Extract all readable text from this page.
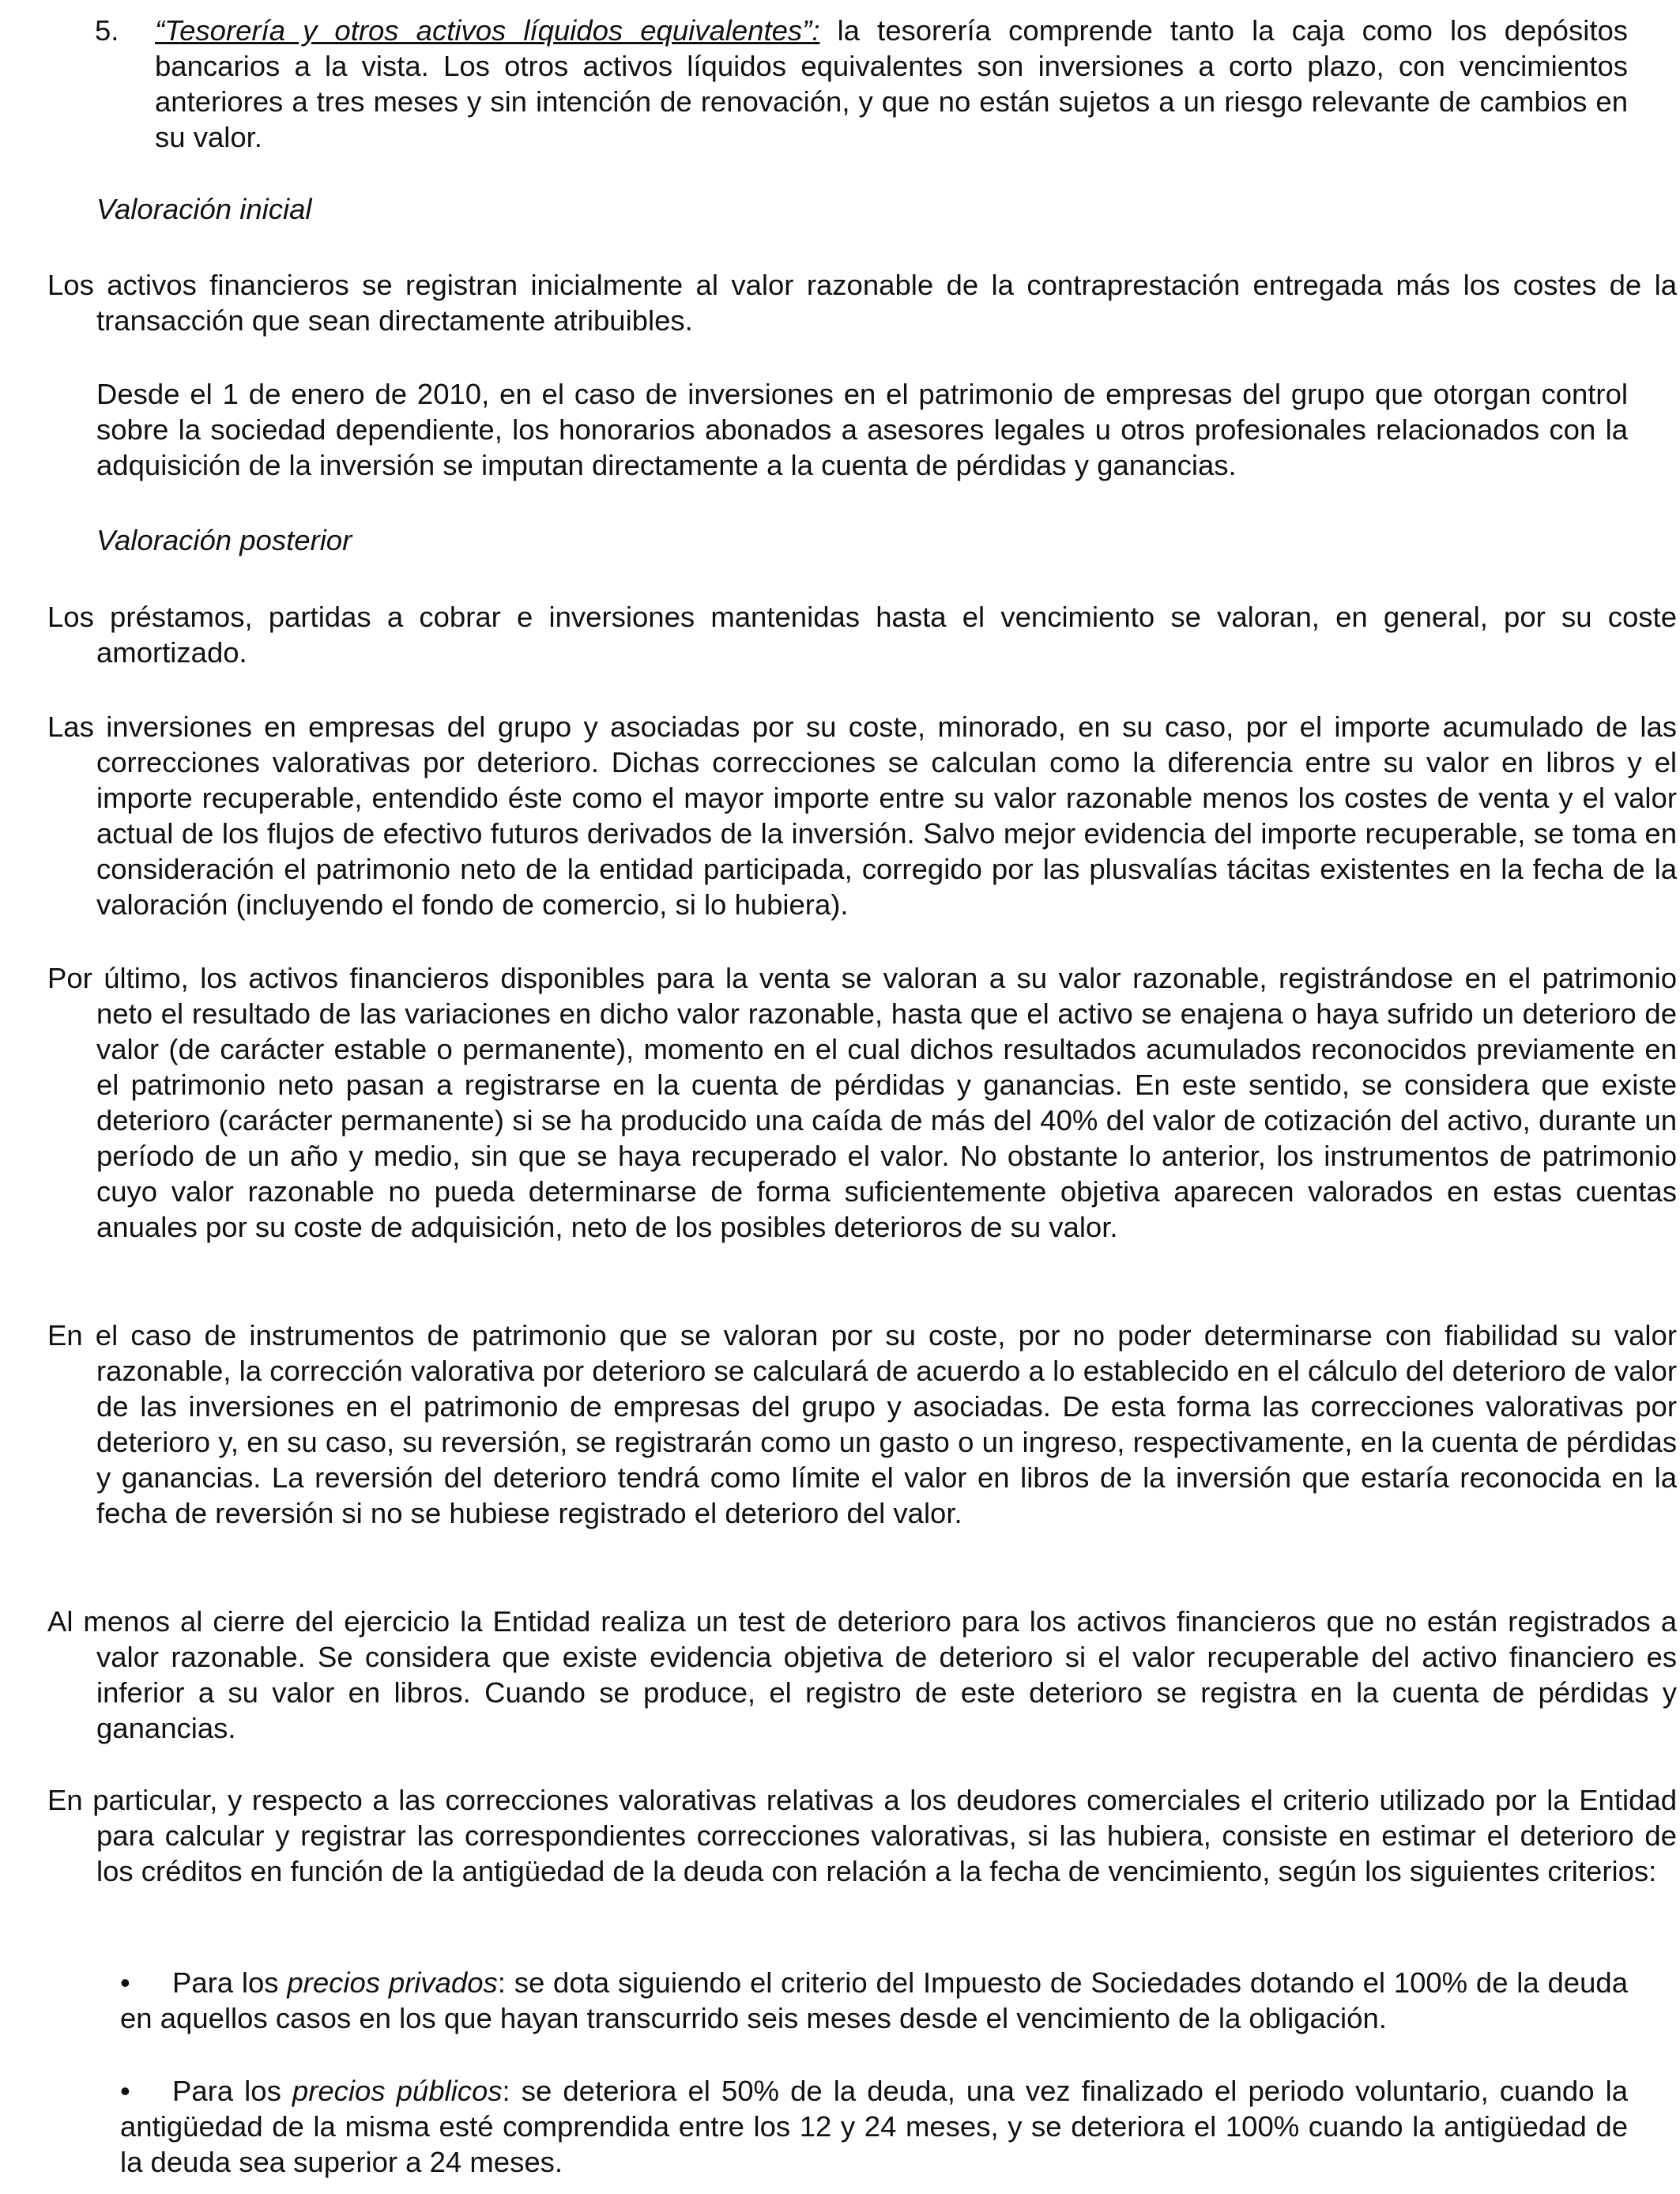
5. “Tesorería y otros activos líquidos equivalentes”: la tesorería comprende tanto la caja como los depósitos bancarios a la vista. Los otros activos líquidos equivalentes son inversiones a corto plazo, con vencimientos anteriores a tres meses y sin intención de renovación, y que no están sujetos a un riesgo relevante de cambios en su valor.

Valoración inicial

Los activos financieros se registran inicialmente al valor razonable de la contraprestación entregada más los costes de la transacción que sean directamente atribuibles.

Desde el 1 de enero de 2010, en el caso de inversiones en el patrimonio de empresas del grupo que otorgan control sobre la sociedad dependiente, los honorarios abonados a asesores legales u otros profesionales relacionados con la adquisición de la inversión se imputan directamente a la cuenta de pérdidas y ganancias.

Valoración posterior

Los préstamos, partidas a cobrar e inversiones mantenidas hasta el vencimiento se valoran, en general, por su coste amortizado.

Las inversiones en empresas del grupo y asociadas por su coste, minorado, en su caso, por el importe acumulado de las correcciones valorativas por deterioro. Dichas correcciones se calculan como la diferencia entre su valor en libros y el importe recuperable, entendido éste como el mayor importe entre su valor razonable menos los costes de venta y el valor actual de los flujos de efectivo futuros derivados de la inversión. Salvo mejor evidencia del importe recuperable, se toma en consideración el patrimonio neto de la entidad participada, corregido por las plusvalías tácitas existentes en la fecha de la valoración (incluyendo el fondo de comercio, si lo hubiera).

Por último, los activos financieros disponibles para la venta se valoran a su valor razonable, registrándose en el patrimonio neto el resultado de las variaciones en dicho valor razonable, hasta que el activo se enajena o haya sufrido un deterioro de valor (de carácter estable o permanente), momento en el cual dichos resultados acumulados reconocidos previamente en el patrimonio neto pasan a registrarse en la cuenta de pérdidas y ganancias. En este sentido, se considera que existe deterioro (carácter permanente) si se ha producido una caída de más del 40% del valor de cotización del activo, durante un período de un año y medio, sin que se haya recuperado el valor. No obstante lo anterior, los instrumentos de patrimonio cuyo valor razonable no pueda determinarse de forma suficientemente objetiva aparecen valorados en estas cuentas anuales por su coste de adquisición, neto de los posibles deterioros de su valor.

En el caso de instrumentos de patrimonio que se valoran por su coste, por no poder determinarse con fiabilidad su valor razonable, la corrección valorativa por deterioro se calculará de acuerdo a lo establecido en el cálculo del deterioro de valor de las inversiones en el patrimonio de empresas del grupo y asociadas. De esta forma las correcciones valorativas por deterioro y, en su caso, su reversión, se registrarán como un gasto o un ingreso, respectivamente, en la cuenta de pérdidas y ganancias. La reversión del deterioro tendrá como límite el valor en libros de la inversión que estaría reconocida en la fecha de reversión si no se hubiese registrado el deterioro del valor.

Al menos al cierre del ejercicio la Entidad realiza un test de deterioro para los activos financieros que no están registrados a valor razonable. Se considera que existe evidencia objetiva de deterioro si el valor recuperable del activo financiero es inferior a su valor en libros. Cuando se produce, el registro de este deterioro se registra en la cuenta de pérdidas y ganancias.

En particular, y respecto a las correcciones valorativas relativas a los deudores comerciales el criterio utilizado por la Entidad para calcular y registrar las correspondientes correcciones valorativas, si las hubiera, consiste en estimar el deterioro de los créditos en función de la antigüedad de la deuda con relación a la fecha de vencimiento, según los siguientes criterios:

•	Para los precios privados: se dota siguiendo el criterio del Impuesto de Sociedades dotando el 100% de la deuda en aquellos casos en los que hayan transcurrido seis meses desde el vencimiento de la obligación.

•	Para los precios públicos: se deteriora el 50% de la deuda, una vez finalizado el periodo voluntario, cuando la antigüedad de la misma esté comprendida entre los 12 y 24 meses, y se deteriora el 100% cuando la antigüedad de la deuda sea superior a 24 meses.
